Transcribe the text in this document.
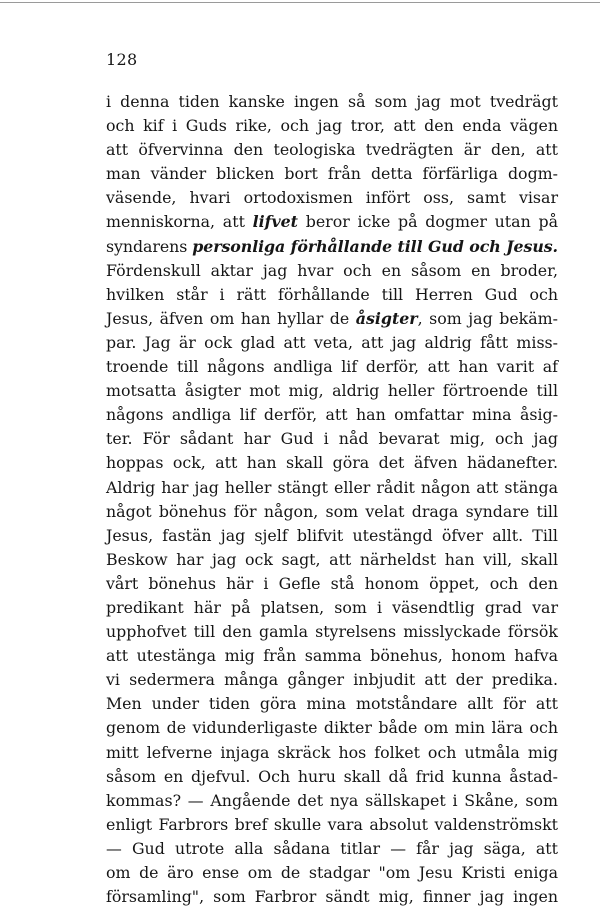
128
i denna tiden kanske ingen så som jag mot tvedrägt
och kif i Guds rike, och jag tror, att den enda vägen
att öfvervinna den teologiska tvedrägten är den, att
man vänder blicken bort från detta förfärliga dogm-
väsende, hvari ortodoxismen infört oss, samt visar
menniskorna, att lifvet beror icke på dogmer utan på
syndarens personliga förhållande till Gud och Jesus.
Fördenskull aktar jag hvar och en såsom en broder,
hvilken står i rätt förhållande till Herren Gud och
Jesus, äfven om han hyllar de åsigter, som jag bekäm-
par. Jag är ock glad att veta, att jag aldrig fått miss-
troende till någons andliga lif derför, att han varit af
motsatta åsigter mot mig, aldrig heller förtroende till
någons andliga lif derför, att han omfattar mina åsig-
ter. För sådant har Gud i nåd bevarat mig, och jag
hoppas ock, att han skall göra det äfven hädanefter.
Aldrig har jag heller stängt eller rådit någon att stänga
något bönehus för någon, som velat draga syndare till
Jesus, fastän jag sjelf blifvit utestängd öfver allt. Till
Beskow har jag ock sagt, att närheldst han vill, skall
vårt bönehus här i Gefle stå honom öppet, och den
predikant här på platsen, som i väsendtlig grad var
upphofvet till den gamla styrelsens misslyckade försök
att utestänga mig från samma bönehus, honom hafva
vi sedermera många gånger inbjudit att der predika.
Men under tiden göra mina motståndare allt för att
genom de vidunderligaste dikter både om min lära och
mitt lefverne injaga skräck hos folket och utmåla mig
såsom en djefvul. Och huru skall då frid kunna åstad-
kommas? — Angående det nya sällskapet i Skåne, som
enligt Farbrors bref skulle vara absolut valdenströmskt
— Gud utrote alla sådana titlar — får jag säga, att
om de äro ense om de stadgar "om Jesu Kristi eniga
församling", som Farbror sändt mig, finner jag ingen
